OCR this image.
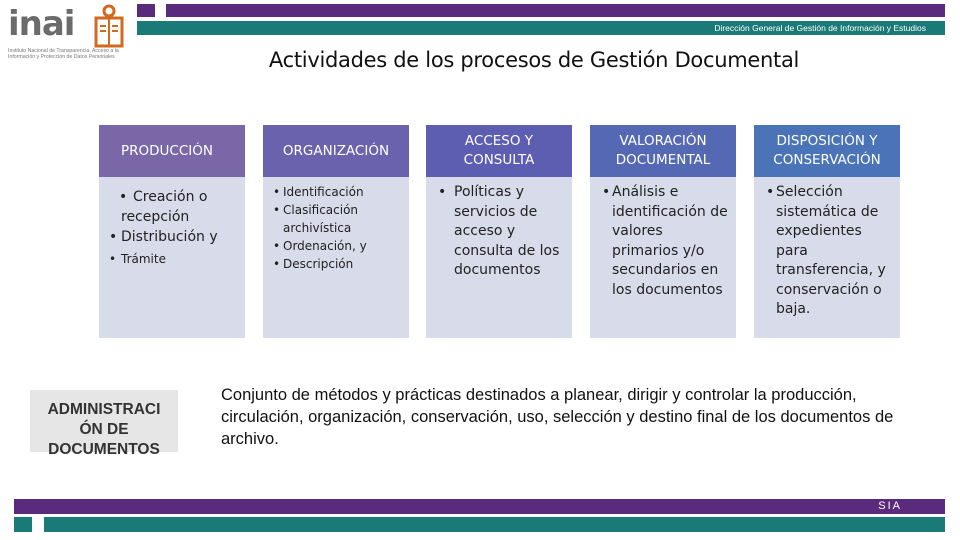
inai
Instituto Nacional de Transparencia, Acceso a la
Información y Protección de Datos Personales
Dirección General de Gestión de Información y Estudios
Actividades de los procesos de Gestión Documental
PRODUCCIÓN
• Creación o recepción
• Distribución y
• Trámite
ORGANIZACIÓN
• Identificación
• Clasificación archivística
• Ordenación, y
• Descripción
ACCESO Y
CONSULTA
• Políticas y servicios de acceso y consulta de los documentos
VALORACIÓN
DOCUMENTAL
• Análisis e identificación de valores primarios y/o secundarios en los documentos
DISPOSICIÓN Y
CONSERVACIÓN
• Selección sistemática de expedientes para transferencia, y conservación o baja.
ADMINISTRACI
ÓN DE
DOCUMENTOS
Conjunto de métodos y prácticas destinados a planear, dirigir y controlar la producción, circulación, organización, conservación, uso, selección y destino final de los documentos de archivo.
SIA
